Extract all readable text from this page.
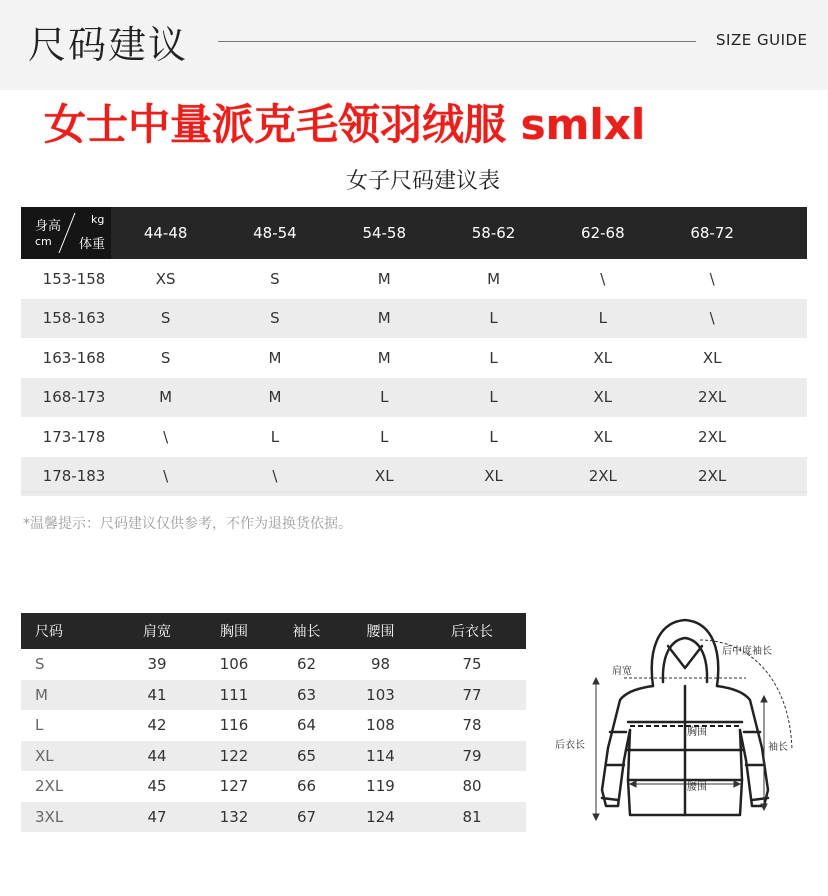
尺码建议	SIZE GUIDE
女士中量派克毛领羽绒服 smlxl
女子尺码建议表
身高
cm
kg
体重
44-48	48-54	54-58	58-62	62-68	68-72
153-158	XS	S	M	M	\	\
158-163	S	S	M	L	L	\
163-168	S	M	M	L	XL	XL
168-173	M	M	L	L	XL	2XL
173-178	\	L	L	L	XL	2XL
178-183	\	\	XL	XL	2XL	2XL
*温馨提示：尺码建议仅供参考，不作为退换货依据。
尺码	肩宽	胸围	袖长	腰围	后衣长
S	39	106	62	98	75
M	41	111	63	103	77
L	42	116	64	108	78
XL	44	122	65	114	79
2XL	45	127	66	119	80
3XL	47	132	67	124	81
肩宽
后中度袖长
后衣长
胸围
袖长
腰围
